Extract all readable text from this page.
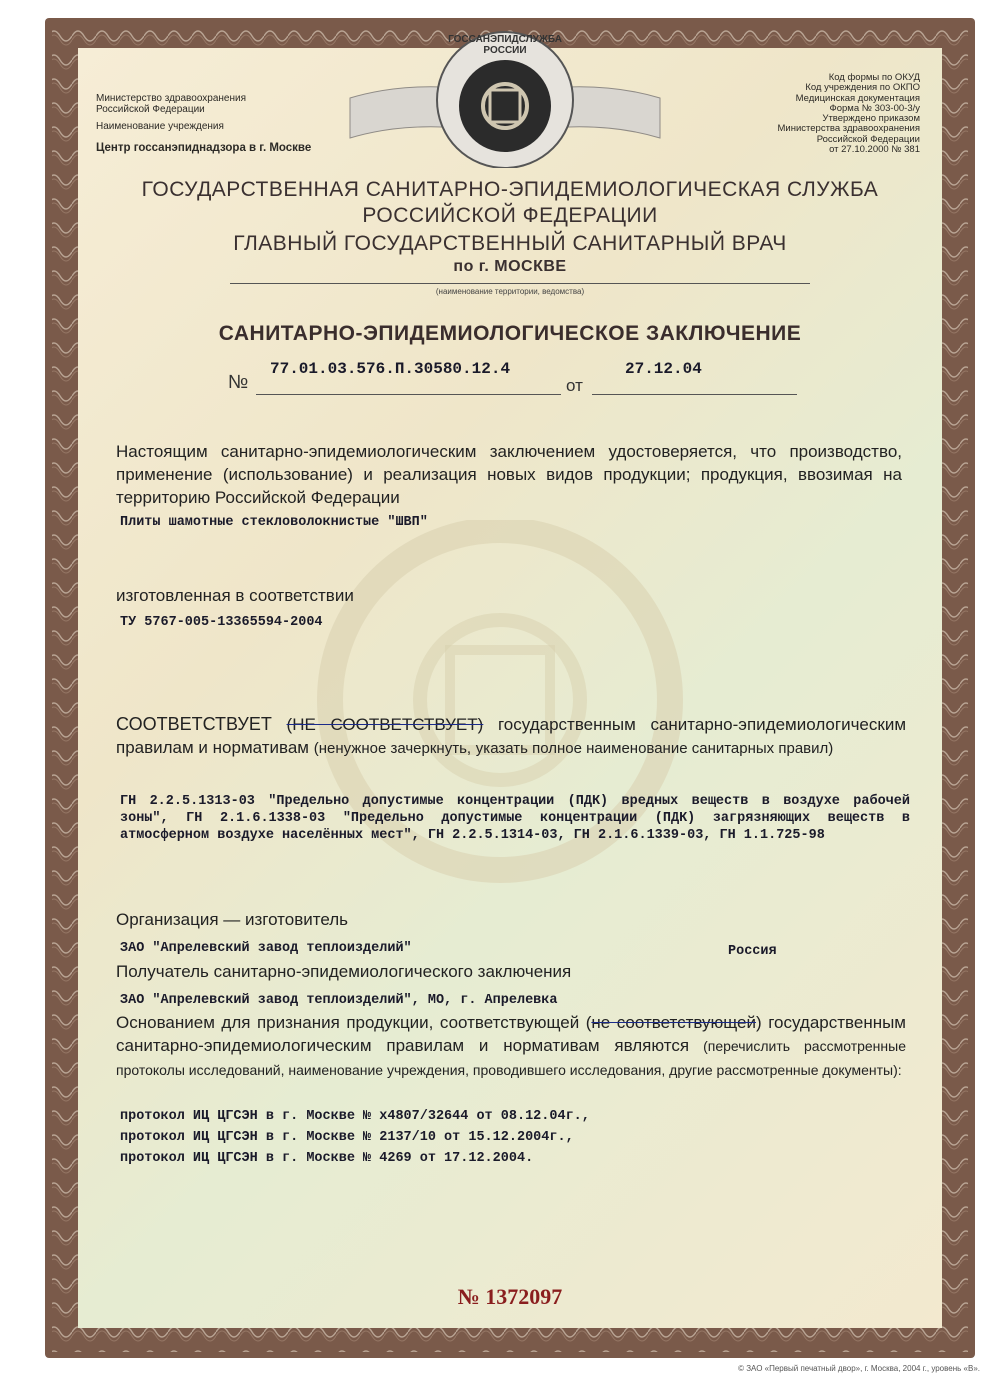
ГОССАНЭПИДСЛУЖБА РОССИИ
Министерство здравоохранения
Российской Федерации
Наименование учреждения
Центр госсанэпиднадзора в г. Москве
Код формы по ОКУД
Код учреждения по ОКПО
Медицинская документация
Форма № 303-00-3/у
Утверждено приказом
Министерства здравоохранения
Российской Федерации
от 27.10.2000 № 381
ГОСУДАРСТВЕННАЯ САНИТАРНО-ЭПИДЕМИОЛОГИЧЕСКАЯ СЛУЖБА
РОССИЙСКОЙ ФЕДЕРАЦИИ
ГЛАВНЫЙ ГОСУДАРСТВЕННЫЙ САНИТАРНЫЙ ВРАЧ
по г. МОСКВЕ
(наименование территории, ведомства)
САНИТАРНО-ЭПИДЕМИОЛОГИЧЕСКОЕ ЗАКЛЮЧЕНИЕ
№
77.01.03.576.П.30580.12.4
от
27.12.04
Настоящим санитарно-эпидемиологическим заключением удостоверяется, что производство, применение (использование) и реализация новых видов продукции; продукция, ввозимая на территорию Российской Федерации
Плиты шамотные стекловолокнистые "ШВП"
изготовленная в соответствии
ТУ 5767-005-13365594-2004
СООТВЕТСТВУЕТ (НЕ СООТВЕТСТВУЕТ) государственным санитарно-эпидемиологическим правилам и нормативам (ненужное зачеркнуть, указать полное наименование санитарных правил)
ГН 2.2.5.1313-03 "Предельно допустимые концентрации (ПДК) вредных веществ в воздухе рабочей зоны", ГН 2.1.6.1338-03 "Предельно допустимые концентрации (ПДК) загрязняющих веществ в атмосферном воздухе населённых мест", ГН 2.2.5.1314-03, ГН 2.1.6.1339-03, ГН 1.1.725-98
Организация — изготовитель
ЗАО "Апрелевский завод теплоизделий"	Россия
Получатель санитарно-эпидемиологического заключения
ЗАО "Апрелевский завод теплоизделий", МО, г. Апрелевка
Основанием для признания продукции, соответствующей (не соответствующей) государственным санитарно-эпидемиологическим правилам и нормативам являются (перечислить рассмотренные протоколы исследований, наименование учреждения, проводившего исследования, другие рассмотренные документы):
протокол ИЦ ЦГСЭН в г. Москве № х4807/32644 от 08.12.04г.,
протокол ИЦ ЦГСЭН в г. Москве № 2137/10 от 15.12.2004г.,
протокол ИЦ ЦГСЭН в г. Москве № 4269 от 17.12.2004.
№ 1372097
© ЗАО «Первый печатный двор», г. Москва, 2004 г., уровень «В».
